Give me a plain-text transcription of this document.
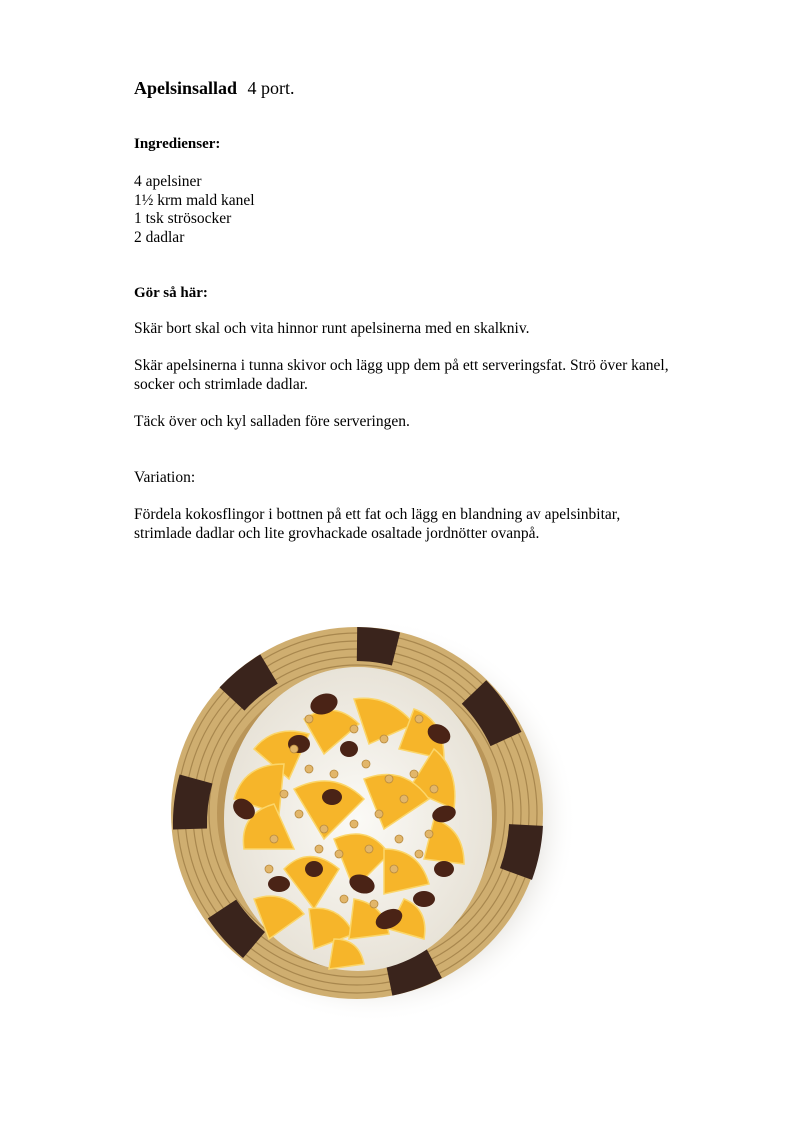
Apelsinsallad 4 port.
Ingredienser:
4 apelsiner
1½ krm mald kanel
1 tsk strösocker
2 dadlar
Gör så här:

Skär bort skal och vita hinnor runt apelsinerna med en skalkniv.

Skär apelsinerna i tunna skivor och lägg upp dem på ett serveringsfat. Strö över kanel, socker och strimlade dadlar.

Täck över och kyl salladen före serveringen.

Variation:

Fördela kokosflingor i bottnen på ett fat och lägg en blandning av apelsinbitar, strimlade dadlar och lite grovhackade osaltade jordnötter ovanpå.
